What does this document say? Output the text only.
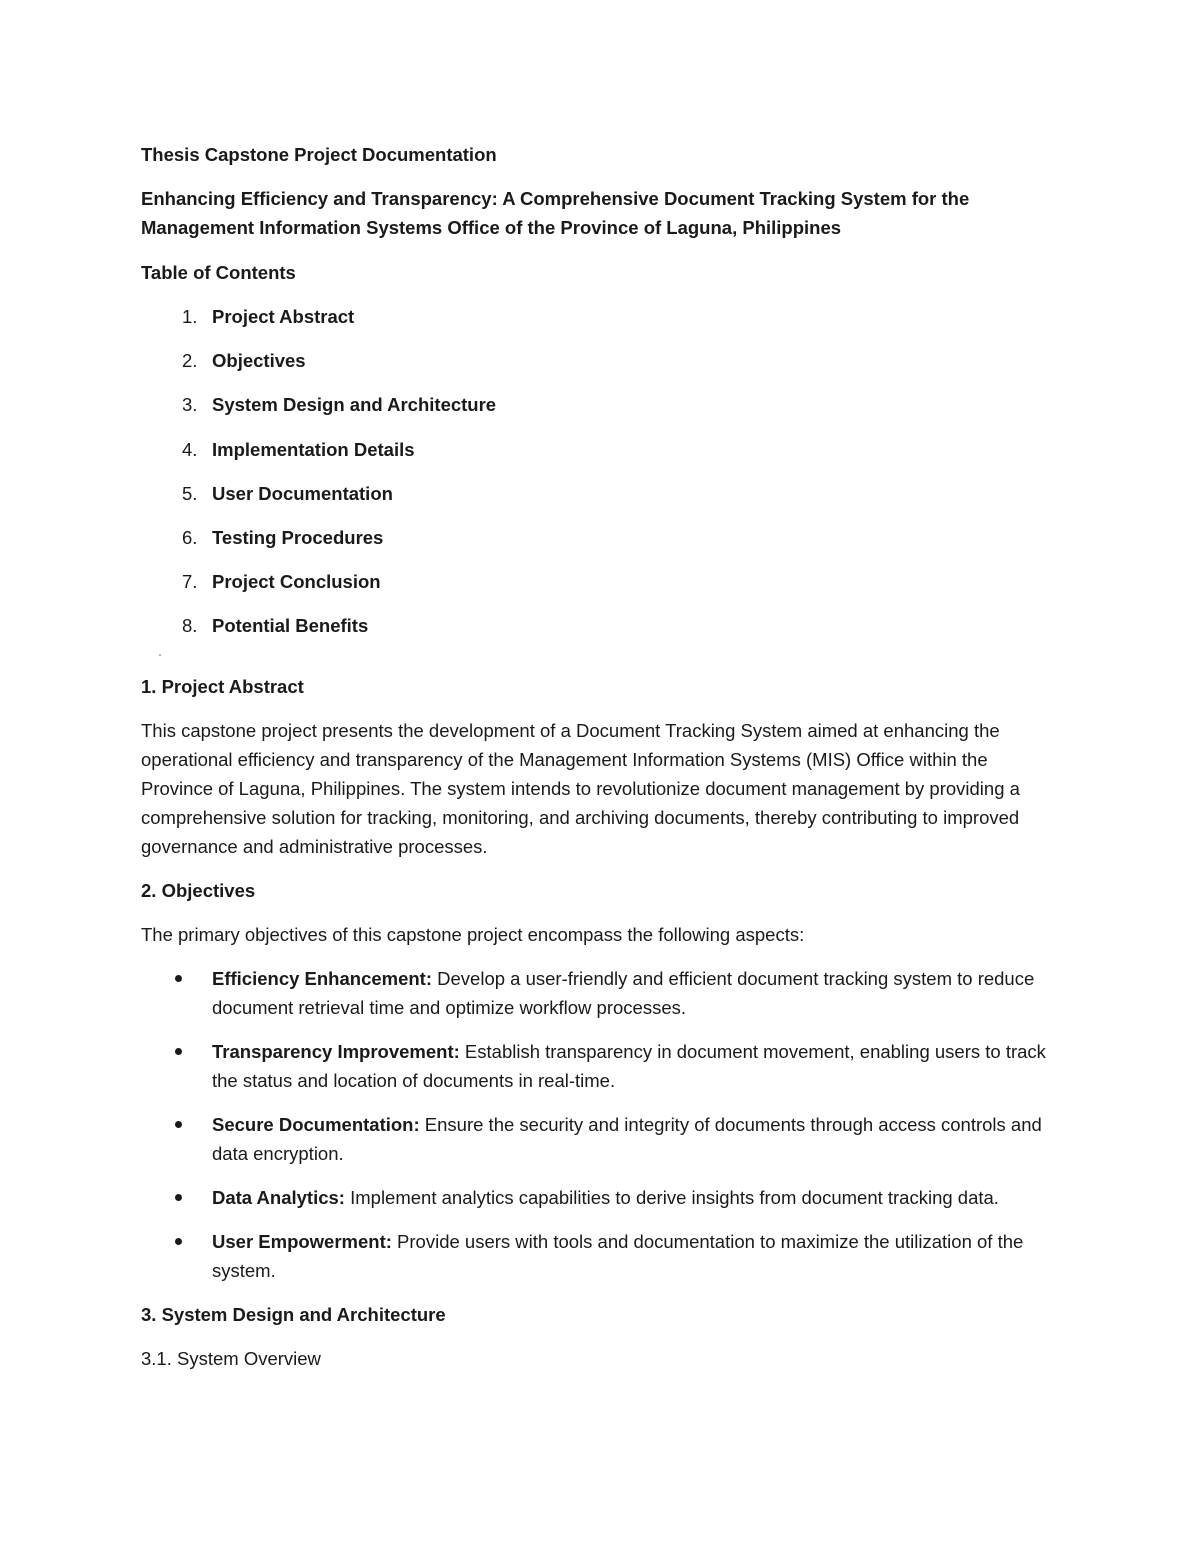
Thesis Capstone Project Documentation
Enhancing Efficiency and Transparency: A Comprehensive Document Tracking System for the Management Information Systems Office of the Province of Laguna, Philippines
Table of Contents
1. Project Abstract
2. Objectives
3. System Design and Architecture
4. Implementation Details
5. User Documentation
6. Testing Procedures
7. Project Conclusion
8. Potential Benefits
1. Project Abstract
This capstone project presents the development of a Document Tracking System aimed at enhancing the operational efficiency and transparency of the Management Information Systems (MIS) Office within the Province of Laguna, Philippines. The system intends to revolutionize document management by providing a comprehensive solution for tracking, monitoring, and archiving documents, thereby contributing to improved governance and administrative processes.
2. Objectives
The primary objectives of this capstone project encompass the following aspects:
Efficiency Enhancement: Develop a user-friendly and efficient document tracking system to reduce document retrieval time and optimize workflow processes.
Transparency Improvement: Establish transparency in document movement, enabling users to track the status and location of documents in real-time.
Secure Documentation: Ensure the security and integrity of documents through access controls and data encryption.
Data Analytics: Implement analytics capabilities to derive insights from document tracking data.
User Empowerment: Provide users with tools and documentation to maximize the utilization of the system.
3. System Design and Architecture
3.1. System Overview
